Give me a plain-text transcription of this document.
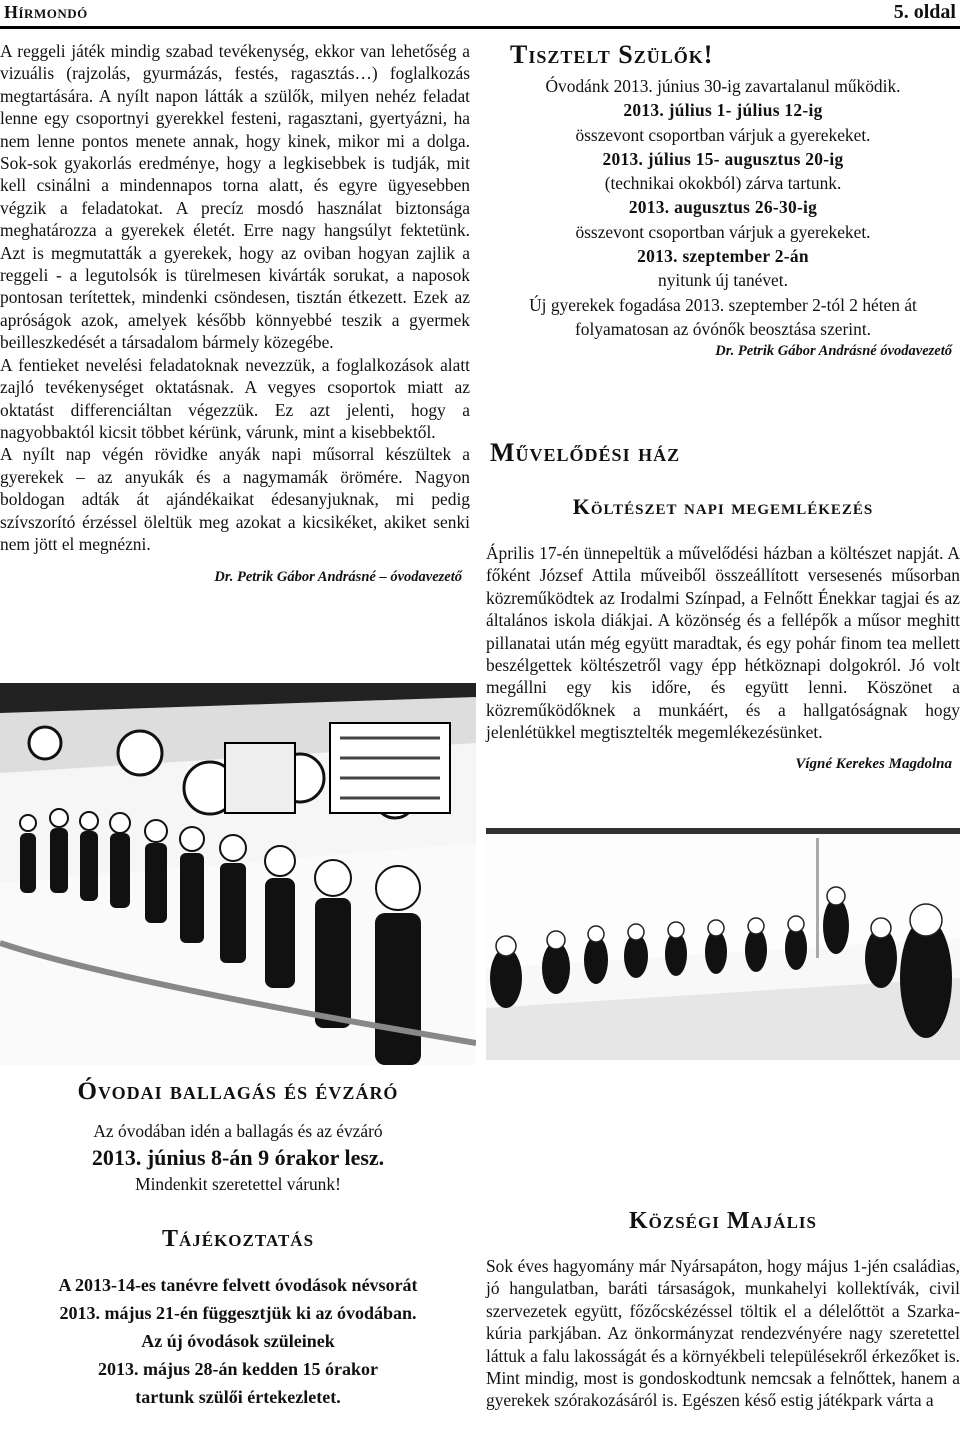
Hírmondó	5. oldal

A reggeli játék mindig szabad tevékenység, ekkor van lehetőség a vizuális (rajzolás, gyurmázás, festés, ragasztás…) foglalkozás megtartására. A nyílt napon látták a szülők, milyen nehéz feladat lenne egy csoportnyi gyerekkel festeni, ragasztani, gyertyázni, ha nem lenne pontos menete annak, hogy kinek, mikor mi a dolga. Sok-sok gyakorlás eredménye, hogy a legkisebbek is tudják, mit kell csinálni a mindennapos torna alatt, és egyre ügyesebben végzik a feladatokat. A precíz mosdó használat biztonsága meghatározza a gyerekek életét. Erre nagy hangsúlyt fektetünk. Azt is megmutatták a gyerekek, hogy az oviban hogyan zajlik a reggeli - a legutolsók is türelmesen kivárták sorukat, a naposok pontosan terítettek, mindenki csöndesen, tisztán étkezett. Ezek az apróságok azok, amelyek később könnyebbé teszik a gyermek beilleszkedését a társadalom bármely közegébe.

A fentieket nevelési feladatoknak nevezzük, a foglalkozások alatt zajló tevékenységet oktatásnak. A vegyes csoportok miatt az oktatást differenciáltan végezzük. Ez azt jelenti, hogy a nagyobbaktól kicsit többet kérünk, várunk, mint a kisebbektől.

A nyílt nap végén rövidke anyák napi műsorral készültek a gyerekek – az anyukák és a nagymamák örömére. Nagyon boldogan adták át ajándékaikat édesanyjuknak, mi pedig szívszorító érzéssel öleltük meg azokat a kicsikéket, akiket senki nem jött el megnézni.

Dr. Petrik Gábor Andrásné – óvodavezető
Tisztelt Szülők!
Óvodánk 2013. június 30-ig zavartalanul működik.
2013. július 1- július 12-ig
összevont csoportban várjuk a gyerekeket.
2013. július 15- augusztus 20-ig
(technikai okokból) zárva tartunk.
2013. augusztus 26-30-ig
összevont csoportban várjuk a gyerekeket.
2013. szeptember 2-án
nyitunk új tanévet.
Új gyerekek fogadása 2013. szeptember 2-tól 2 héten át
folyamatosan az óvónők beosztása szerint.
Dr. Petrik Gábor Andrásné óvodavezető
Művelődési ház
Költészet napi megemlékezés

Április 17-én ünnepeltük a művelődési házban a költészet napját. A főként József Attila műveiből összeállított versesenés műsorban közreműködtek az Irodalmi Színpad, a Felnőtt Énekkar tagjai és az általános iskola diákjai. A közönség és a fellépők a műsor meghitt pillanatai után még együtt maradtak, és egy pohár finom tea mellett beszélgettek költészetről vagy épp hétköznapi dolgokról. Jó volt megállni egy kis időre, és együtt lenni. Köszönet a közreműködőknek a munkáért, és a hallgatóságnak hogy jelenlétükkel megtisztelték megemlékezésünket.

Vígné Kerekes Magdolna
Óvodai ballagás és évzáró
Az óvodában idén a ballagás és az évzáró
2013. június 8-án 9 órakor lesz.
Mindenkit szeretettel várunk!
Tájékoztatás
A 2013-14-es tanévre felvett óvodások névsorát
2013. május 21-én függesztjük ki az óvodában.
Az új óvodások szüleinek
2013. május 28-án kedden 15 órakor
tartunk szülői értekezletet.
Községi Majális

Sok éves hagyomány már Nyársapáton, hogy május 1-jén családias, jó hangulatban, baráti társaságok, munkahelyi kollektívák, civil szervezetek együtt, főzőcskézéssel töltik el a délelőttöt a Szarka-kúria parkjában. Az önkormányzat rendezvényére nagy szeretettel láttuk a falu lakosságát és a környékbeli településekről érkezőket is. Mint mindig, most is gondoskodtunk nemcsak a felnőttek, hanem a gyerekek szórakozásáról is. Egészen késő estig játékpark várta a
